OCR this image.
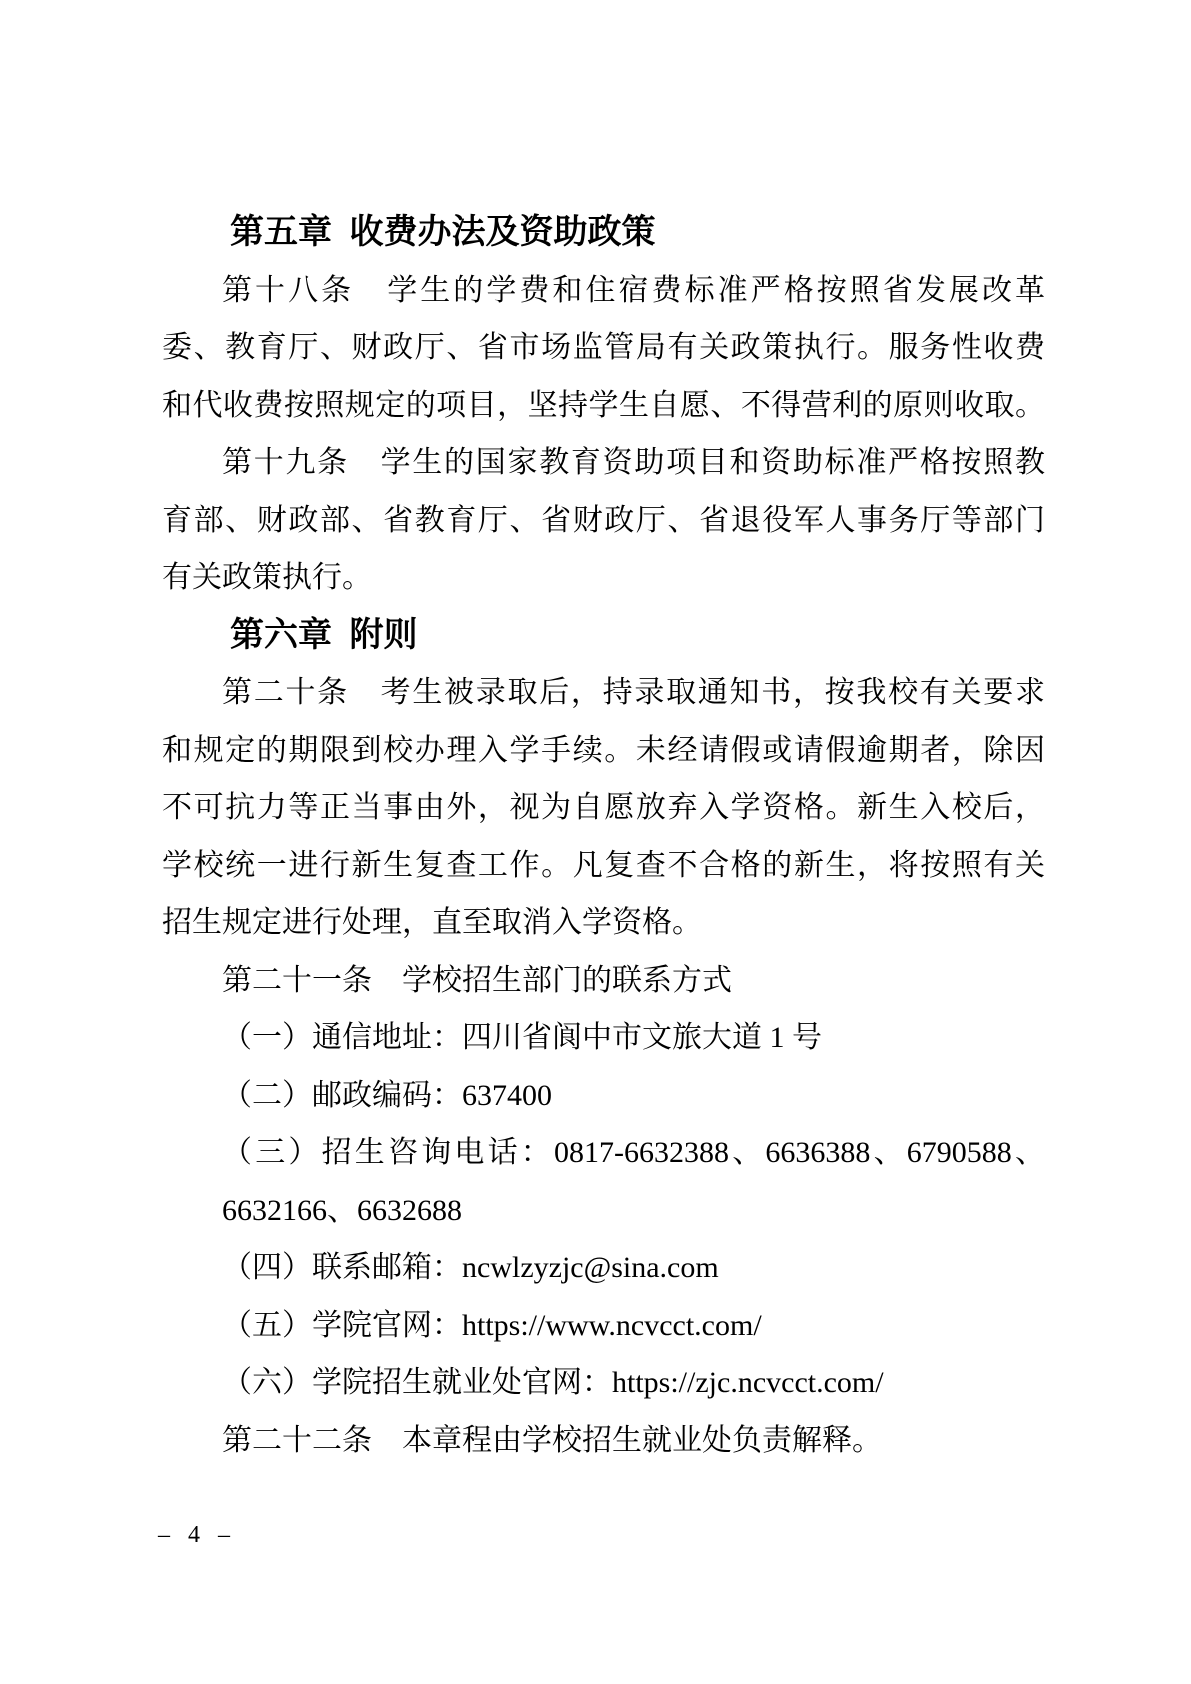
第五章 收费办法及资助政策
第十八条　学生的学费和住宿费标准严格按照省发展改革
委、教育厅、财政厅、省市场监管局有关政策执行。服务性收费
和代收费按照规定的项目，坚持学生自愿、不得营利的原则收取。
第十九条　学生的国家教育资助项目和资助标准严格按照教
育部、财政部、省教育厅、省财政厅、省退役军人事务厅等部门
有关政策执行。
第六章 附则
第二十条　考生被录取后，持录取通知书，按我校有关要求
和规定的期限到校办理入学手续。未经请假或请假逾期者，除因
不可抗力等正当事由外，视为自愿放弃入学资格。新生入校后，
学校统一进行新生复查工作。凡复查不合格的新生，将按照有关
招生规定进行处理，直至取消入学资格。
第二十一条　学校招生部门的联系方式
（一）通信地址：四川省阆中市文旅大道 1 号
（二）邮政编码：637400
（三）招生咨询电话：0817-6632388、6636388、6790588、
6632166、6632688
（四）联系邮箱：ncwlzyzjc@sina.com
（五）学院官网：https://www.ncvcct.com/
（六）学院招生就业处官网：https://zjc.ncvcct.com/
第二十二条　本章程由学校招生就业处负责解释。
– 4 –
